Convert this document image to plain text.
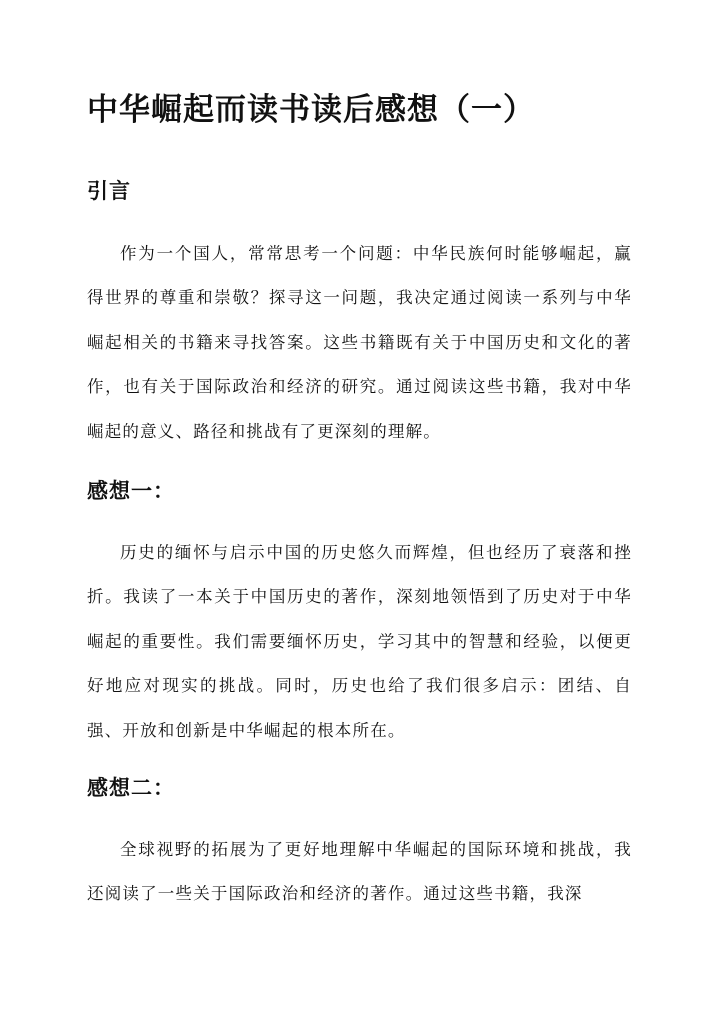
中华崛起而读书读后感想（一）
引言

作为一个国人，常常思考一个问题：中华民族何时能够崛起，赢得世界的尊重和崇敬？探寻这一问题，我决定通过阅读一系列与中华崛起相关的书籍来寻找答案。这些书籍既有关于中国历史和文化的著作，也有关于国际政治和经济的研究。通过阅读这些书籍，我对中华崛起的意义、路径和挑战有了更深刻的理解。

感想一：

历史的缅怀与启示中国的历史悠久而辉煌，但也经历了衰落和挫折。我读了一本关于中国历史的著作，深刻地领悟到了历史对于中华崛起的重要性。我们需要缅怀历史，学习其中的智慧和经验，以便更好地应对现实的挑战。同时，历史也给了我们很多启示：团结、自强、开放和创新是中华崛起的根本所在。

感想二：

全球视野的拓展为了更好地理解中华崛起的国际环境和挑战，我还阅读了一些关于国际政治和经济的著作。通过这些书籍，我深
